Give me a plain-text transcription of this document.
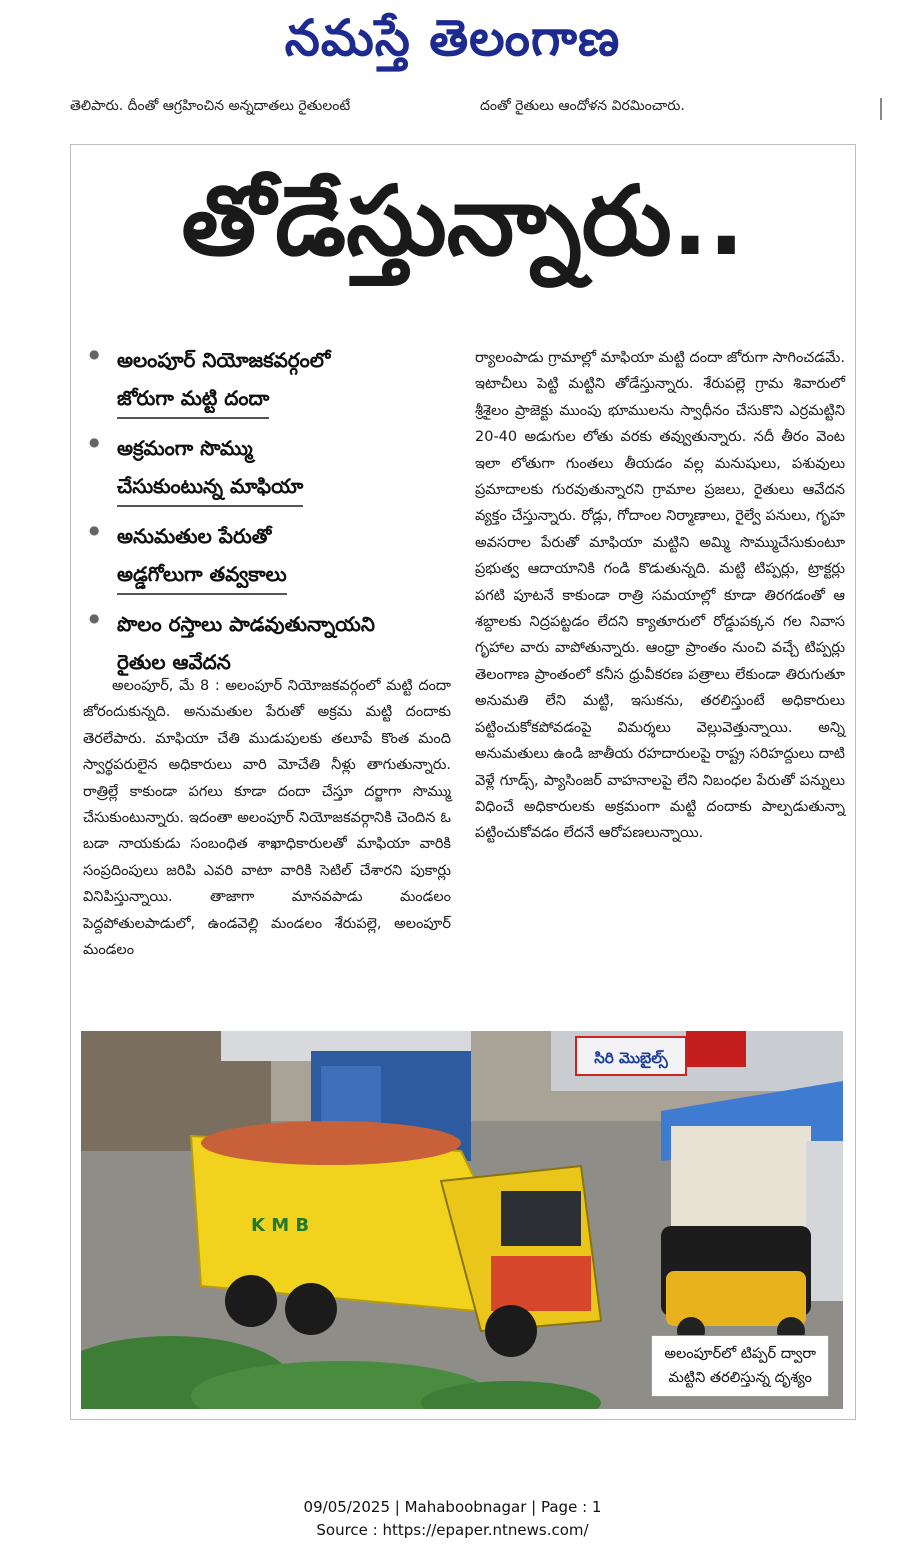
నమస్తే తెలంగాణ
తెలిపారు. దీంతో ఆగ్రహించిన అన్నదాతలు రైతులంటే	దంతో రైతులు ఆందోళన విరమించారు.
తోడేస్తున్నారు..
● అలంపూర్ నియోజకవర్గంలో
జోరుగా మట్టి దందా
● అక్రమంగా సొమ్ము
చేసుకుంటున్న మాఫియా
● అనుమతుల పేరుతో
అడ్డగోలుగా తవ్వకాలు
● పొలం రస్తాలు పాడవుతున్నాయని
రైతుల ఆవేదన

అలంపూర్, మే 8 : అలంపూర్ నియోజకవర్గంలో మట్టి దందా జోరందుకున్నది. అనుమతుల పేరుతో అక్రమ మట్టి దందాకు తెరలేపారు. మాఫియా చేతి ముడుపులకు తలూపే కొంత మంది స్వార్థపరులైన అధికారులు వారి మోచేతి నీళ్లు తాగుతున్నారు. రాత్రిల్లే కాకుండా పగలు కూడా దందా చేస్తూ దర్జాగా సొమ్ము చేసుకుంటున్నారు. ఇదంతా అలంపూర్ నియోజకవర్గానికి చెందిన ఓ బడా నాయకుడు సంబంధిత శాఖాధికారులతో మాఫియా వారికి సంప్రదింపులు జరిపి ఎవరి వాటా వారికి సెటిల్ చేశారని పుకార్లు వినిపిస్తున్నాయి. తాజాగా మానవపాడు మండలం పెద్దపోతులపాడులో, ఉండవెల్లి మండలం శేరుపల్లె, అలంపూర్ మండలం

ర్యాలంపాడు గ్రామాల్లో మాఫియా మట్టి దందా జోరుగా సాగించడమే. ఇటాచీలు పెట్టి మట్టిని తోడేస్తున్నారు. శేరుపల్లె గ్రామ శివారులో శ్రీశైలం ప్రాజెక్టు ముంపు భూములను స్వాధీనం చేసుకొని ఎర్రమట్టిని 20-40 అడుగుల లోతు వరకు తవ్వుతున్నారు. నదీ తీరం వెంట ఇలా లోతుగా గుంతలు తీయడం వల్ల మనుషులు, పశువులు ప్రమాదాలకు గురవుతున్నారని గ్రామాల ప్రజలు, రైతులు ఆవేదన వ్యక్తం చేస్తున్నారు. రోడ్లు, గోదాంల నిర్మాణాలు, రైల్వే పనులు, గృహ అవసరాల పేరుతో మాఫియా మట్టిని అమ్మి సొమ్ముచేసుకుంటూ ప్రభుత్వ ఆదాయానికి గండి కొడుతున్నది. మట్టి టిప్పర్లు, ట్రాక్టర్లు పగటి పూటనే కాకుండా రాత్రి సమయాల్లో కూడా తిరగడంతో ఆ శబ్దాలకు నిద్రపట్టడం లేదని క్యాతూరులో రోడ్డుపక్కన గల నివాస గృహాల వారు వాపోతున్నారు. ఆంధ్రా ప్రాంతం నుంచి వచ్చే టిప్పర్లు తెలంగాణ ప్రాంతంలో కనీస ధ్రువీకరణ పత్రాలు లేకుండా తిరుగుతూ అనుమతి లేని మట్టి, ఇసుకను, తరలిస్తుంటే అధికారులు పట్టించుకోకపోవడంపై విమర్శలు వెల్లువెత్తున్నాయి. అన్ని అనుమతులు ఉండి జాతీయ రహదారులపై రాష్ట్ర సరిహద్దులు దాటి వెళ్లే గూడ్స్, ప్యాసింజర్ వాహనాలపై లేని నిబంధల పేరుతో పన్నులు విధించే అధికారులకు అక్రమంగా మట్టి దందాకు పాల్పడుతున్నా పట్టించుకోవడం లేదనే ఆరోపణలున్నాయి.

సిరి మొబైల్స్
K M B
అలంపూర్‌లో టిప్పర్ ద్వారా
మట్టిని తరలిస్తున్న దృశ్యం
09/05/2025 | Mahaboobnagar | Page : 1
Source : https://epaper.ntnews.com/
